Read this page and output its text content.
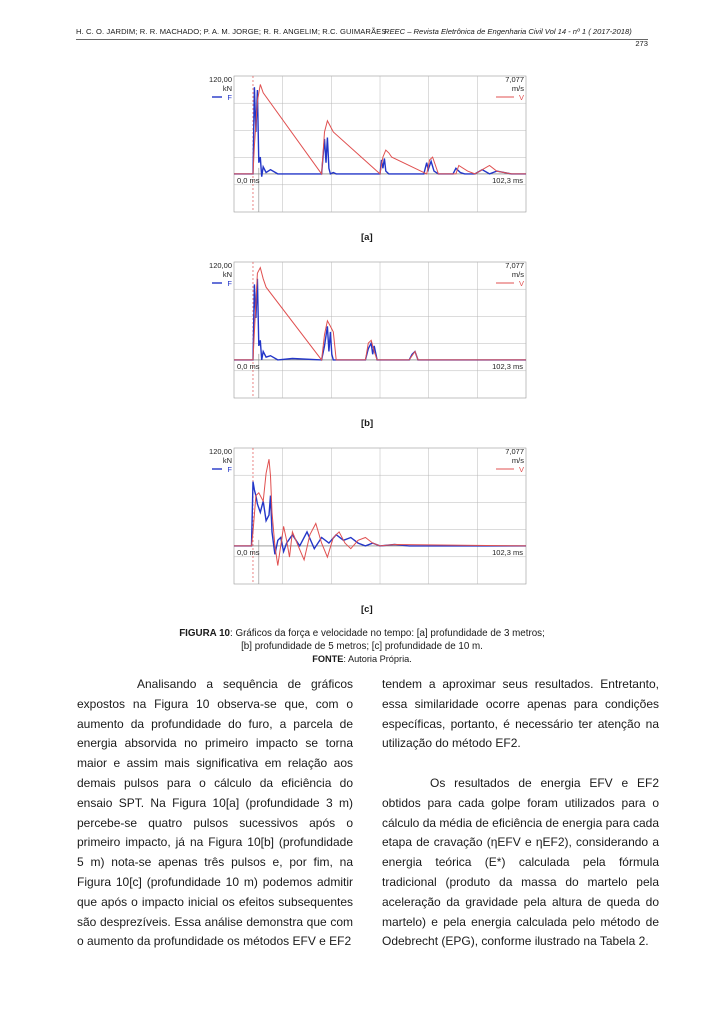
H. C. O. JARDIM; R. R. MACHADO; P. A. M. JORGE; R. R. ANGELIM; R.C. GUIMARÃES
REEC – Revista Eletrônica de Engenharia Civil Vol 14 - nº 1 ( 2017-2018)
273
120,00
kN
7,077
m/s
F	V
0,0 ms	102,3 ms
[a]
120,00
kN
7,077
m/s
F	V
0,0 ms	102,3 ms
[b]
120,00
kN
7,077
m/s
F	V
0,0 ms	102,3 ms
[c]
FIGURA 10: Gráficos da força e velocidade no tempo: [a] profundidade de 3 metros;
[b] profundidade de 5 metros; [c] profundidade de 10 m.
FONTE: Autoria Própria.

Analisando a sequência de gráficos expostos na Figura 10 observa-se que, com o aumento da profundidade do furo, a parcela de energia absorvida no primeiro impacto se torna maior e assim mais significativa em relação aos demais pulsos para o cálculo da eficiência do ensaio SPT. Na Figura 10[a] (profundidade 3 m) percebe-se quatro pulsos sucessivos após o primeiro impacto, já na Figura 10[b] (profundidade 5 m) nota-se apenas três pulsos e, por fim, na Figura 10[c] (profundidade 10 m) podemos admitir que após o impacto inicial os efeitos subsequentes são desprezíveis. Essa análise demonstra que com o aumento da profundidade os métodos EFV e EF2

tendem a aproximar seus resultados. Entretanto, essa similaridade ocorre apenas para condições específicas, portanto, é necessário ter atenção na utilização do método EF2.

Os resultados de energia EFV e EF2 obtidos para cada golpe foram utilizados para o cálculo da média de eficiência de energia para cada etapa de cravação (ηEFV e ηEF2), considerando a energia teórica (E*) calculada pela fórmula tradicional (produto da massa do martelo pela aceleração da gravidade pela altura de queda do martelo) e pela energia calculada pelo método de Odebrecht (EPG), conforme ilustrado na Tabela 2.
